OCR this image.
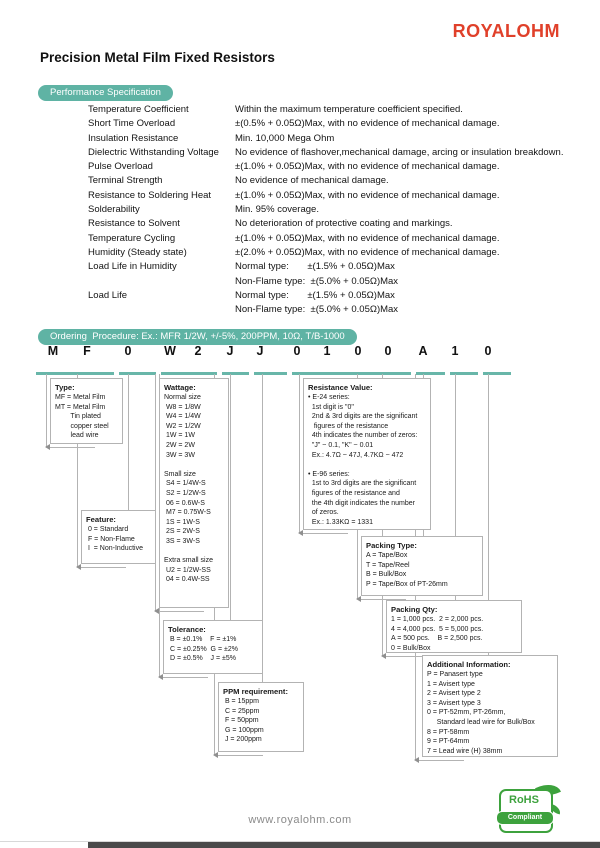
ROYALOHM
Precision Metal Film Fixed Resistors
Performance Specification
Temperature Coefficient	Within the maximum temperature coefficient specified.
Short Time Overload	±(0.5% + 0.05Ω)Max, with no evidence of mechanical damage.
Insulation Resistance	Min. 10,000 Mega Ohm
Dielectric Withstanding Voltage	No evidence of flashover,mechanical damage, arcing or insulation breakdown.
Pulse Overload	±(1.0% + 0.05Ω)Max, with no evidence of mechanical damage.
Terminal Strength	No evidence of mechanical damage.
Resistance to Soldering Heat	±(1.0% + 0.05Ω)Max, with no evidence of mechanical damage.
Solderability	Min. 95% coverage.
Resistance to Solvent	No deterioration of protective coating and markings.
Temperature Cycling	±(1.0% + 0.05Ω)Max, with no evidence of mechanical damage.
Humidity (Steady state)	±(2.0% + 0.05Ω)Max, with no evidence of mechanical damage.
Load Life in Humidity	Normal type:       ±(1.5% + 0.05Ω)Max
Non-Flame type:  ±(5.0% + 0.05Ω)Max
Load Life	Normal type:       ±(1.5% + 0.05Ω)Max
Non-Flame type:  ±(5.0% + 0.05Ω)Max
Ordering  Procedure: Ex.: MFR 1/2W, +/-5%, 200PPM, 10Ω, T/B-1000
M F	0	W 2 J J 0 1 0 0 A 1 0
Type:
MF = Metal Film
MT = Metal Film
Tin plated
copper steel
lead wire
Wattage:
Normal size
W8 = 1/8W
W4 = 1/4W
W2 = 1/2W
1W = 1W
2W = 2W
3W = 3W

Small size
S4 = 1/4W-S
S2 = 1/2W-S
06 = 0.6W-S
M7 = 0.75W-S
1S = 1W-S
2S = 2W-S
3S = 3W-S

Extra small size
U2 = 1/2W-SS
04 = 0.4W-SS
Feature:
0 = Standard
F = Non-Flame
I  = Non-Inductive
Resistance Value:
• E-24 series:
1st digit is "0"
2nd & 3rd digits are the significant
figures of the resistance
4th indicates the number of zeros:
"J" ~ 0.1, "K" ~ 0.01
Ex.: 4.7Ω ~ 47J, 4.7KΩ ~ 472

• E-96 series:
1st to 3rd digits are the significant
figures of the resistance and
the 4th digit indicates the number
of zeros.
Ex.: 1.33KΩ = 1331
Tolerance:
B = ±0.1%    F = ±1%
C = ±0.25%  G = ±2%
D = ±0.5%    J = ±5%
PPM requirement:
B = 15ppm
C = 25ppm
F = 50ppm
G = 100ppm
J = 200ppm
Packing Type:
A = Tape/Box
T = Tape/Reel
B = Bulk/Box
P = Tape/Box of PT-26mm
Packing Qty:
1 = 1,000 pcs.  2 = 2,000 pcs.
4 = 4,000 pcs.  5 = 5,000 pcs.
A = 500 pcs.    B = 2,500 pcs.
0 = Bulk/Box
Additional Information:
P = Panasert type
1 = Avisert type
2 = Avisert type 2
3 = Avisert type 3
0 = PT-52mm, PT-26mm,
Standard lead wire for Bulk/Box
8 = PT-58mm
9 = PT-64mm
7 = Lead wire (H) 38mm
www.royalohm.com
RoHS
Compliant
